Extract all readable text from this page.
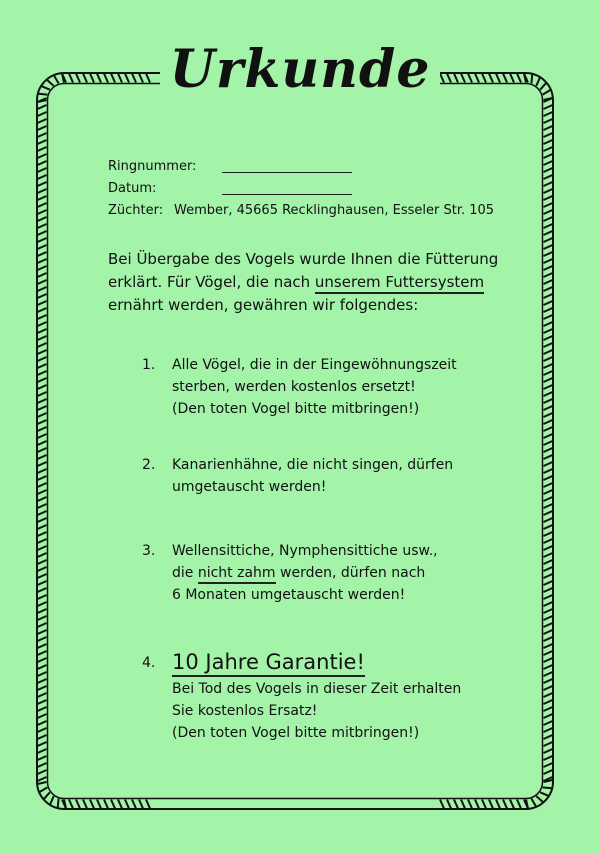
Urkunde
Ringnummer:
Datum:
Züchter: Wember, 45665 Recklinghausen, Esseler Str. 105
Bei Übergabe des Vogels wurde Ihnen die Fütterung
erklärt. Für Vögel, die nach unserem Futtersystem
ernährt werden, gewähren wir folgendes:
1. Alle Vögel, die in der Eingewöhnungszeit
sterben, werden kostenlos ersetzt!
(Den toten Vogel bitte mitbringen!)
2. Kanarienhähne, die nicht singen, dürfen
umgetauscht werden!
3. Wellensittiche, Nymphensittiche usw.,
die nicht zahm werden, dürfen nach
6 Monaten umgetauscht werden!
4. 10 Jahre Garantie!
Bei Tod des Vogels in dieser Zeit erhalten
Sie kostenlos Ersatz!
(Den toten Vogel bitte mitbringen!)
